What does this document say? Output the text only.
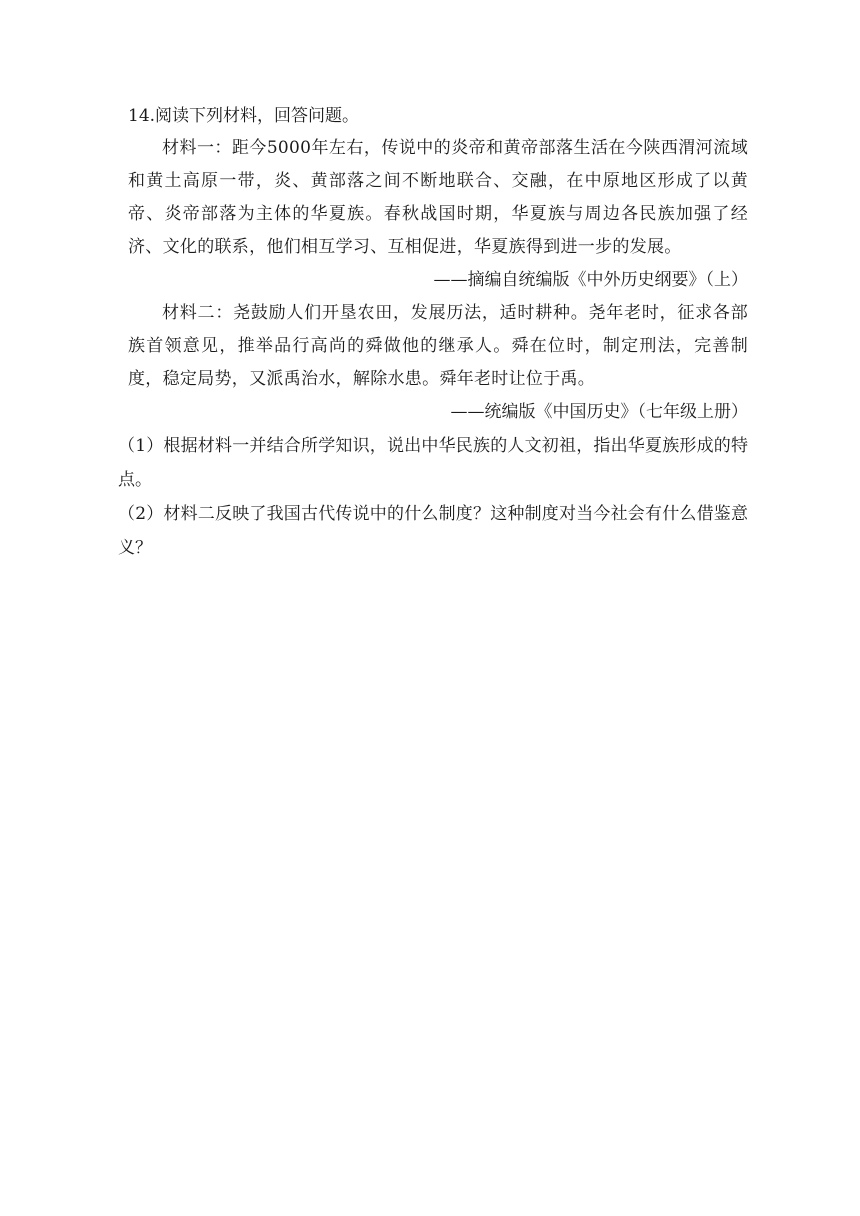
14.阅读下列材料，回答问题。

材料一：距今5000年左右，传说中的炎帝和黄帝部落生活在今陕西渭河流域和黄土高原一带，炎、黄部落之间不断地联合、交融，在中原地区形成了以黄帝、炎帝部落为主体的华夏族。春秋战国时期，华夏族与周边各民族加强了经济、文化的联系，他们相互学习、互相促进，华夏族得到进一步的发展。

——摘编自统编版《中外历史纲要》（上）

材料二：尧鼓励人们开垦农田，发展历法，适时耕种。尧年老时，征求各部族首领意见，推举品行高尚的舜做他的继承人。舜在位时，制定刑法，完善制度，稳定局势，又派禹治水，解除水患。舜年老时让位于禹。

——统编版《中国历史》（七年级上册）

（1）根据材料一并结合所学知识，说出中华民族的人文初祖，指出华夏族形成的特点。

（2）材料二反映了我国古代传说中的什么制度？这种制度对当今社会有什么借鉴意义？
